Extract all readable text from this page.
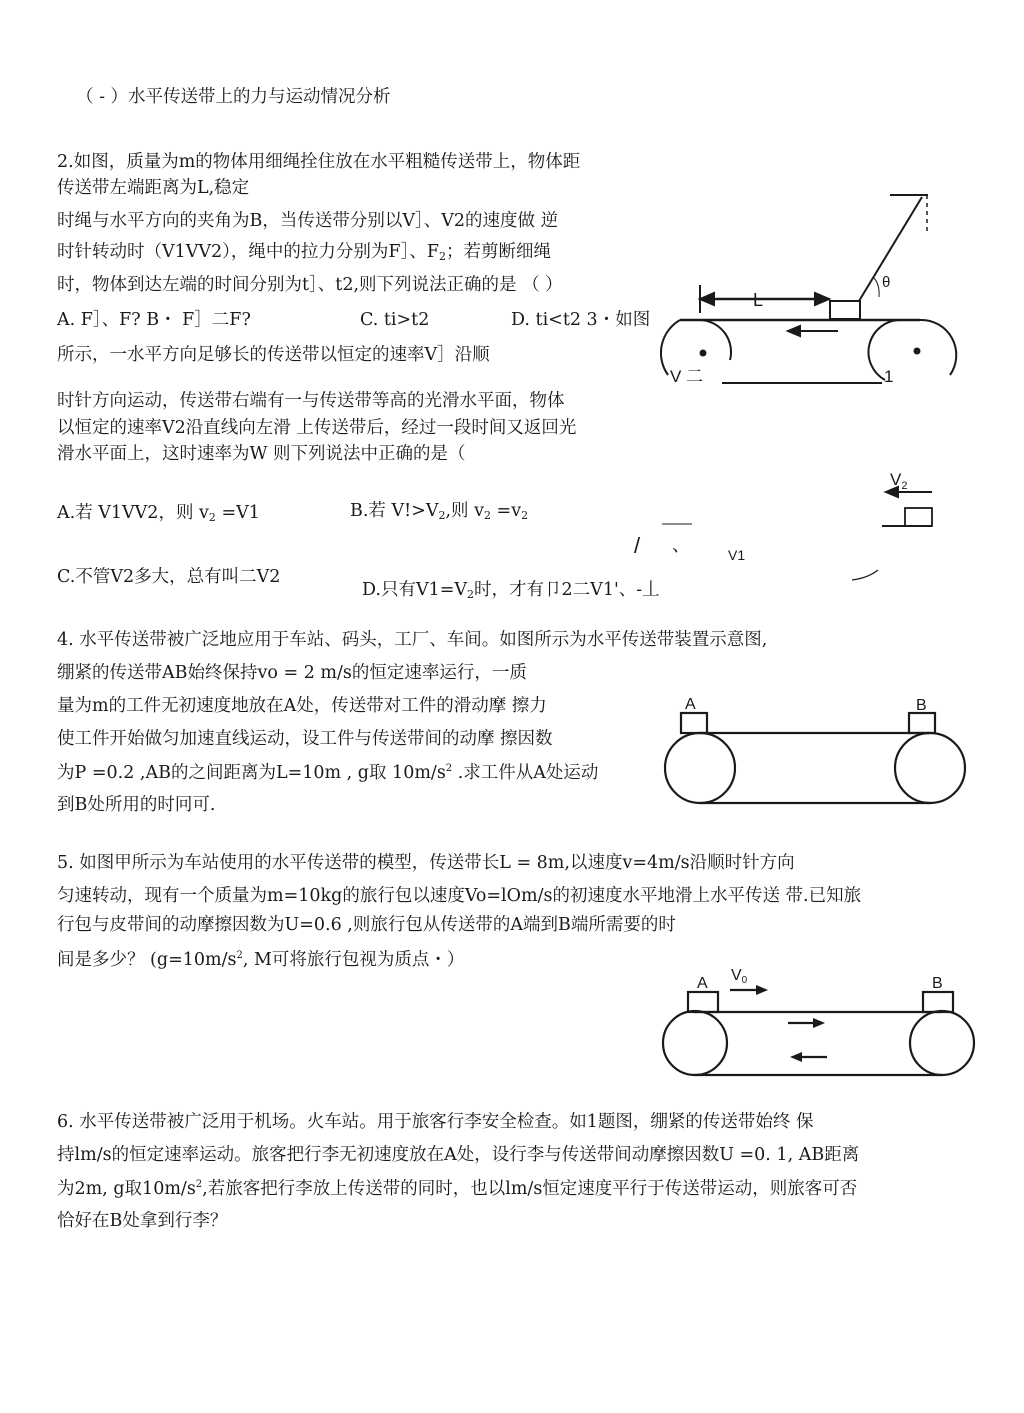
（ - ）水平传送带上的力与运动情况分析
2.如图，质量为m的物体用细绳拴住放在水平粗糙传送带上，物体距
传送带左端距离为L,稳定
时绳与水平方向的夹角为B，当传送带分别以V］、V2的速度做 逆
时针转动时（V1VV2），绳中的拉力分别为F］、$F_2$；若剪断细绳
时，物体到达左端的时间分别为t］、t2,则下列说法正确的是 （ ）
A. F］、F? B・ F］二F?	C. ti>t2	D. ti<t2 3・如图
L
θ
V 二	1
所示，一水平方向足够长的传送带以恒定的速率V］沿顺
时针方向运动，传送带右端有一与传送带等高的光滑水平面，物体
以恒定的速率V2沿直线向左滑 上传送带后，经过一段时间又返回光
滑水平面上，这时速率为W 则下列说法中正确的是（
A.若 V1VV2，则 $v_2 =V1$	B.若 $V!>V_2$,则 $v_2 =v_2$
C.不管V2多大，总有叫二V2
D.只有$V1=V_2$时，才有卩2二V1'、-丄
$V_2$
V1
/ 、
4. 水平传送带被广泛地应用于车站、码头，工厂、车间。如图所示为水平传送带装置示意图,
绷紧的传送带AB始终保持vo = 2 m/s的恒定速率运行，一质
量为m的工件无初速度地放在A处，传送带对工件的滑动摩 擦力
使工件开始做匀加速直线运动，设工件与传送带间的动摩 擦因数
为P =0.2 ,AB的之间距离为L=10m , g取 $10m/s^2$ .求工件从A处运动
到B处所用的时冋可.
A	B
5. 如图甲所示为车站使用的水平传送带的模型，传送带长L = 8m,以速度v=4m/s沿顺时针方向
匀速转动，现有一个质量为m=10kg的旅行包以速度Vo=lOm/s的初速度水平地滑上水平传送 带.已知旅
行包与皮带间的动摩擦因数为U=0.6 ,则旅行包从传送带的A端到B端所需要的时
间是多少？ ($g=10m/s^2$, M可将旅行包视为质点・）
A V0	B
6. 水平传送带被广泛用于机场。火车站。用于旅客行李安全检查。如1题图，绷紧的传送带始终 保
持lm/s的恒定速率运动。旅客把行李无初速度放在A处，设行李与传送带间动摩擦因数U =0. 1, AB距离
为2m, g取$10m/s^2$,若旅客把行李放上传送带的同时，也以lm/s恒定速度平行于传送带运动，则旅客可否
恰好在B处拿到行李？
